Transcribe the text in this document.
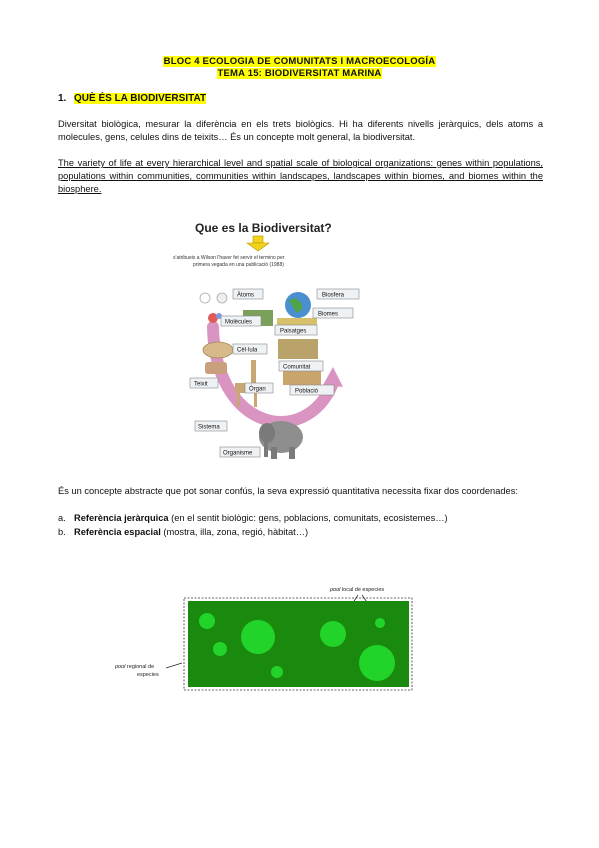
BLOC 4 ECOLOGIA DE COMUNITATS I MACROECOLOGÍA
TEMA 15: BIODIVERSITAT MARINA
1. QUÈ ÉS LA BIODIVERSITAT
Diversitat biològica, mesurar la diferència en els trets biològics. Hi ha diferents nivells jeràrquics, dels atoms a molecules, gens, celules dins de teixits… És un concepte molt general, la biodiversitat.
The variety of life at every hierarchical level and spatial scale of biological organizations: genes within populations, populations within communities, communities within landscapes, landscapes within biomes, and biomes within the biosphere.
Que es la Biodiversitat?
s'atribueix a Wilson l'haver fet servir el termino per
primera vegada en una publicació (1988)
Àtoms
Molècules
Cèl·lula
Teixit
Òrgan
Sistema
Organisme
Biosfera
Biomes
Paisatges
Comunitat
Població
És un concepte abstracte que pot sonar confús, la seva expressió quantitativa necessita fixar dos coordenades:
a. Referència jeràrquica (en el sentit biològic: gens, poblacions, comunitats, ecosistemes…)
b. Referència espacial (mostra, illa, zona, regió, hàbitat…)
pool local de especies
pool regional de
especies
